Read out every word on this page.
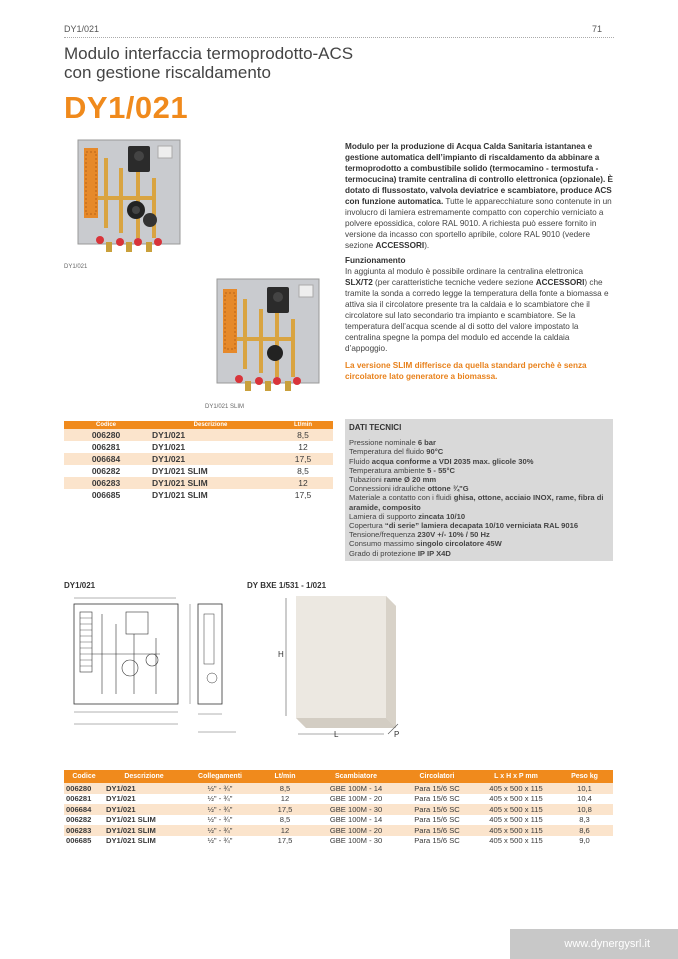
DY1/021	71
Modulo interfaccia termoprodotto-ACS
con gestione riscaldamento
DY1/021
DY1/021
DY1/021 SLIM
Modulo per la produzione di Acqua Calda Sanitaria istantanea e gestione automatica dell’impianto di riscaldamento da abbinare a termoprodotto a combustibile solido (termocamino - termostufa - termocucina) tramite centralina di controllo elettronica (opzionale). È dotato di flussostato, valvola deviatrice e scambiatore, produce ACS con funzione automatica. Tutte le apparecchiature sono contenute in un involucro di lamiera estremamente compatto con coperchio verniciato a polvere epossidica, colore RAL 9010. A richiesta può essere fornito in versione da incasso con sportello apribile, colore RAL 9010 (vedere sezione ACCESSORI).
Funzionamento
In aggiunta al modulo è possibile ordinare la centralina elettronica SLX/T2 (per caratteristiche tecniche vedere sezione ACCESSORI) che tramite la sonda a corredo legge la temperatura della fonte a biomassa e attiva sia il circolatore presente tra la caldaia e lo scambiatore che il circolatore sul lato secondario tra impianto e scambiatore. Se la temperatura dell’acqua scende al di sotto del valore impostato la centralina spegne la pompa del modulo ed accende la caldaia d’appoggio.
La versione SLIM differisce da quella standard perchè è senza circolatore lato generatore a biomassa.
Codice	Descrizione	Lt/min
006280	DY1/021	8,5
006281	DY1/021	12
006684	DY1/021	17,5
006282	DY1/021 SLIM	8,5
006283	DY1/021 SLIM	12
006685	DY1/021 SLIM	17,5
DATI TECNICI
Pressione nominale 6 bar
Temperatura del fluido 90°C
Fluido acqua conforme a VDI 2035 max. glicole 30%
Temperatura ambiente 5 - 55°C
Tubazioni rame Ø 20 mm
Connessioni idrauliche ottone ¾"G
Materiale a contatto con i fluidi ghisa, ottone, acciaio INOX, rame, fibra di aramide, composito
Lamiera di supporto zincata 10/10
Copertura “di serie” lamiera decapata 10/10 verniciata RAL 9016
Tensione/frequenza 230V +/- 10% / 50 Hz
Consumo massimo singolo circolatore 45W
Grado di protezione IP IP X4D
DY1/021	DY BXE 1/531 - 1/021
H
L	P
Codice	Descrizione	Collegamenti	Lt/min	Scambiatore	Circolatori	L x H x P mm	Peso kg
006280	DY1/021	½" - ¾"	8,5	GBE 100M - 14	Para 15/6 SC	405 x 500 x 115	10,1
006281	DY1/021	½" - ¾"	12	GBE 100M - 20	Para 15/6 SC	405 x 500 x 115	10,4
006684	DY1/021	½" - ¾"	17,5	GBE 100M - 30	Para 15/6 SC	405 x 500 x 115	10,8
006282	DY1/021 SLIM	½" - ¾"	8,5	GBE 100M - 14	Para 15/6 SC	405 x 500 x 115	8,3
006283	DY1/021 SLIM	½" - ¾"	12	GBE 100M - 20	Para 15/6 SC	405 x 500 x 115	8,6
006685	DY1/021 SLIM	½" - ¾"	17,5	GBE 100M - 30	Para 15/6 SC	405 x 500 x 115	9,0
www.dynergysrl.it
